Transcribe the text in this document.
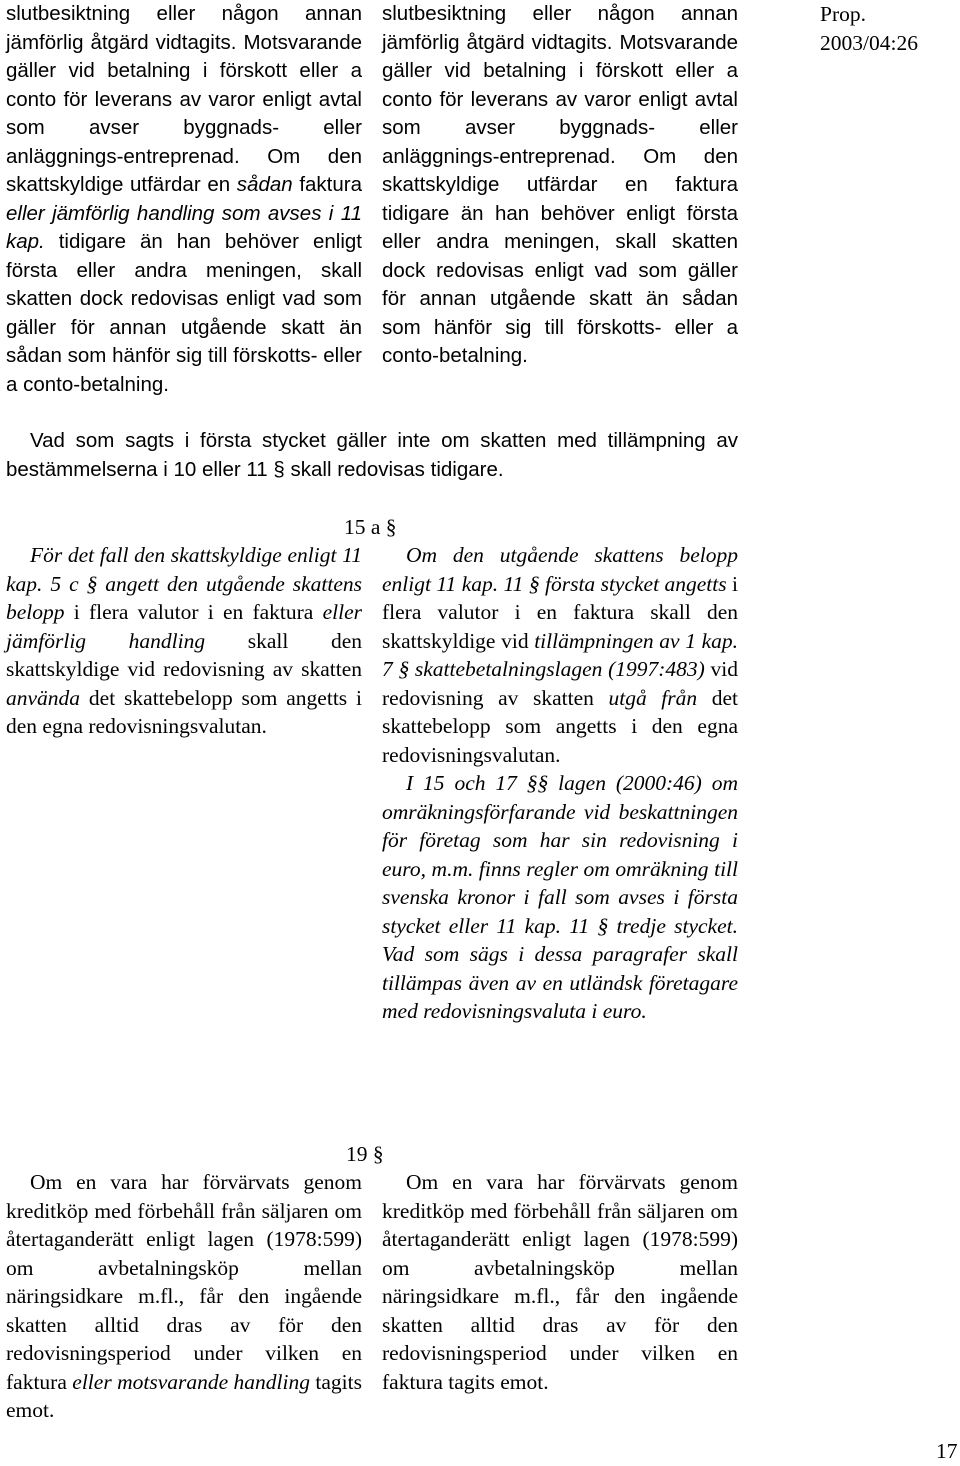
Prop. 2003/04:26

slutbesiktning eller någon annan jämförlig åtgärd vidtagits. Motsvarande gäller vid betalning i förskott eller a conto för leverans av varor enligt avtal som avser byggnads- eller anläggnings-entreprenad. Om den skattskyldige utfärdar en sådan faktura eller jämförlig handling som avses i 11 kap. tidigare än han behöver enligt första eller andra meningen, skall skatten dock redovisas enligt vad som gäller för annan utgående skatt än sådan som hänför sig till förskotts- eller a conto-betalning.

slutbesiktning eller någon annan jämförlig åtgärd vidtagits. Motsvarande gäller vid betalning i förskott eller a conto för leverans av varor enligt avtal som avser byggnads- eller anläggnings-entreprenad. Om den skattskyldige utfärdar en faktura tidigare än han behöver enligt första eller andra meningen, skall skatten dock redovisas enligt vad som gäller för annan utgående skatt än sådan som hänför sig till förskotts- eller a conto-betalning.

Vad som sagts i första stycket gäller inte om skatten med tillämpning av bestämmelserna i 10 eller 11 § skall redovisas tidigare.

15 a §

För det fall den skattskyldige enligt 11 kap. 5 c § angett den utgående skattens belopp i flera valutor i en faktura eller jämförlig handling skall den skattskyldige vid redovisning av skatten använda det skattebelopp som angetts i den egna redovisningsvalutan.

Om den utgående skattens belopp enligt 11 kap. 11 § första stycket angetts i flera valutor i en faktura skall den skattskyldige vid tillämpningen av 1 kap. 7 § skattebetalningslagen (1997:483) vid redovisning av skatten utgå från det skattebelopp som angetts i den egna redovisningsvalutan.

I 15 och 17 §§ lagen (2000:46) om omräkningsförfarande vid beskattningen för företag som har sin redovisning i euro, m.m. finns regler om omräkning till svenska kronor i fall som avses i första stycket eller 11 kap. 11 § tredje stycket. Vad som sägs i dessa paragrafer skall tillämpas även av en utländsk företagare med redovisningsvaluta i euro.

19 §

Om en vara har förvärvats genom kreditköp med förbehåll från säljaren om återtaganderätt enligt lagen (1978:599) om avbetalningsköp mellan näringsidkare m.fl., får den ingående skatten alltid dras av för den redovisningsperiod under vilken en faktura eller motsvarande handling tagits emot.

Om en vara har förvärvats genom kreditköp med förbehåll från säljaren om återtaganderätt enligt lagen (1978:599) om avbetalningsköp mellan näringsidkare m.fl., får den ingående skatten alltid dras av för den redovisningsperiod under vilken en faktura tagits emot.

17
